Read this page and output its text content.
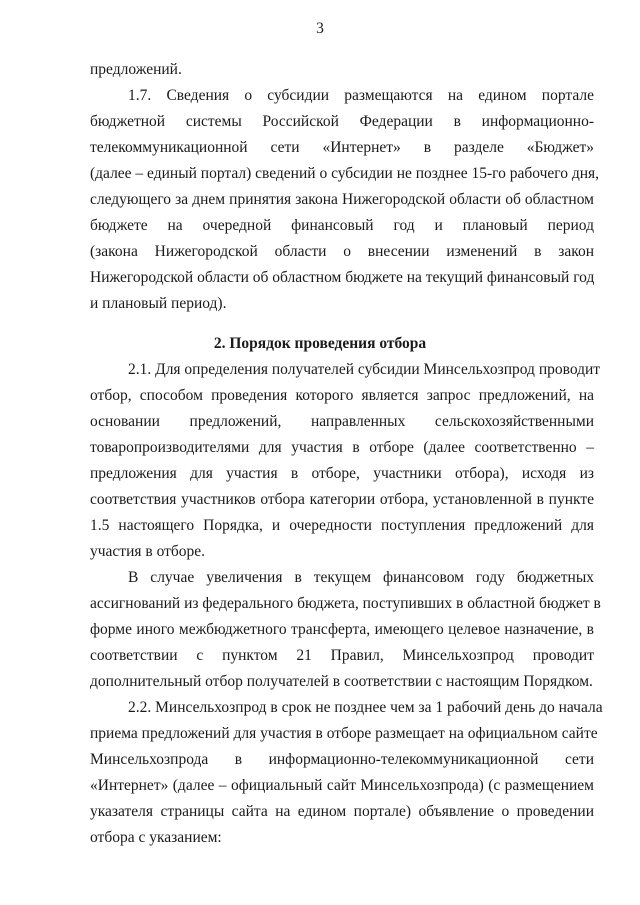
3
предложений.
1.7. Сведения о субсидии размещаются на едином портале
бюджетной системы Российской Федерации в информационно-
телекоммуникационной сети «Интернет» в разделе «Бюджет»
(далее – единый портал) сведений о субсидии не позднее 15-го рабочего дня,
следующего за днем принятия закона Нижегородской области об областном
бюджете на очередной финансовый год и плановый период
(закона Нижегородской области о внесении изменений в закон
Нижегородской области об областном бюджете на текущий финансовый год
и плановый период).
2. Порядок проведения отбора
2.1. Для определения получателей субсидии Минсельхозпрод проводит
отбор, способом проведения которого является запрос предложений, на
основании предложений, направленных сельскохозяйственными
товаропроизводителями для участия в отборе (далее соответственно –
предложения для участия в отборе, участники отбора), исходя из
соответствия участников отбора категории отбора, установленной в пункте
1.5 настоящего Порядка, и очередности поступления предложений для
участия в отборе.
В случае увеличения в текущем финансовом году бюджетных
ассигнований из федерального бюджета, поступивших в областной бюджет в
форме иного межбюджетного трансферта, имеющего целевое назначение, в
соответствии с пунктом 21 Правил, Минсельхозпрод проводит
дополнительный отбор получателей в соответствии с настоящим Порядком.
2.2. Минсельхозпрод в срок не позднее чем за 1 рабочий день до начала
приема предложений для участия в отборе размещает на официальном сайте
Минсельхозпрода в информационно-телекоммуникационной сети
«Интернет» (далее – официальный сайт Минсельхозпрода) (с размещением
указателя страницы сайта на едином портале) объявление о проведении
отбора с указанием:
